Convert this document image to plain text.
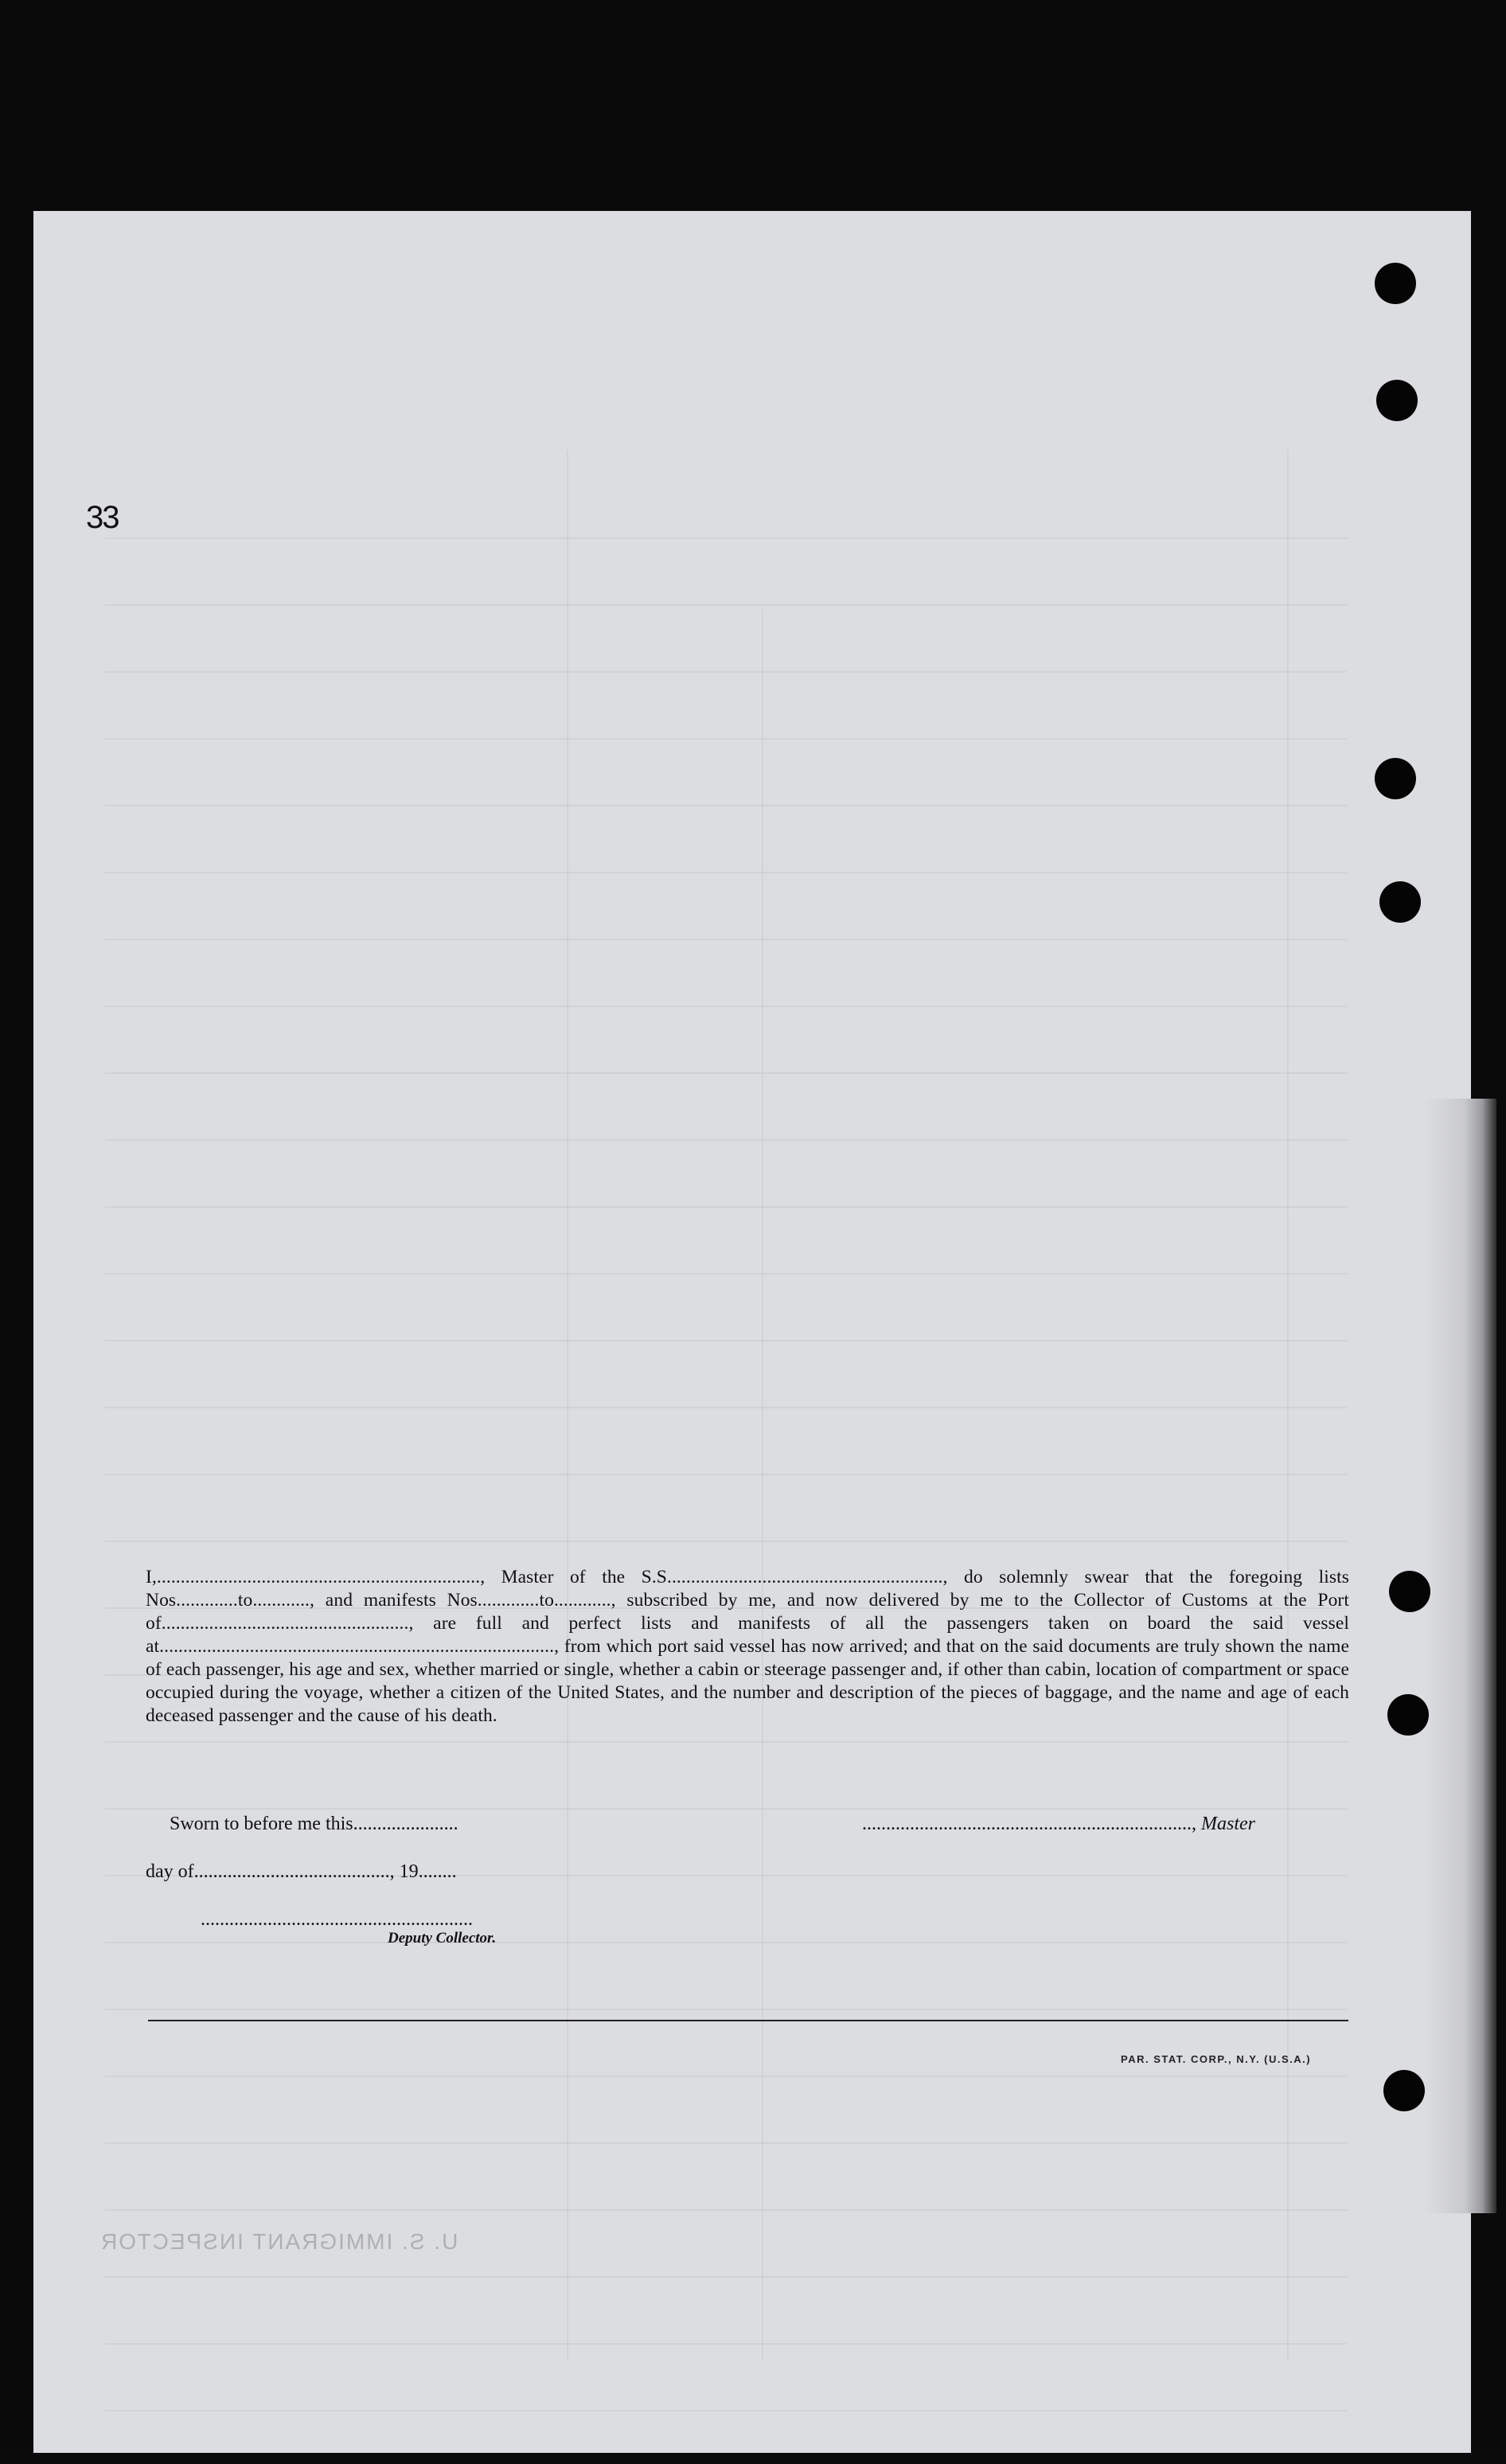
33
I,...................................................................., Master of the S.S.........................................................., do solemnly swear that the foregoing lists Nos.............to............, and manifests Nos.............to............, subscribed by me, and now delivered by me to the Collector of Customs at the Port of...................................................., are full and perfect lists and manifests of all the passengers taken on board the said vessel at..................................................................................., from which port said vessel has now arrived; and that on the said documents are truly shown the name of each passenger, his age and sex, whether married or single, whether a cabin or steerage passenger and, if other than cabin, location of compartment or space occupied during the voyage, whether a citizen of the United States, and the number and description of the pieces of baggage, and the name and age of each deceased passenger and the cause of his death.
Sworn to before me this......................	....................................................................., Master
day of........................................., 19........
.........................................................
Deputy Collector.
PAR. STAT. CORP., N.Y. (U.S.A.)
U. S. IMMIGRANT INSPECTOR
